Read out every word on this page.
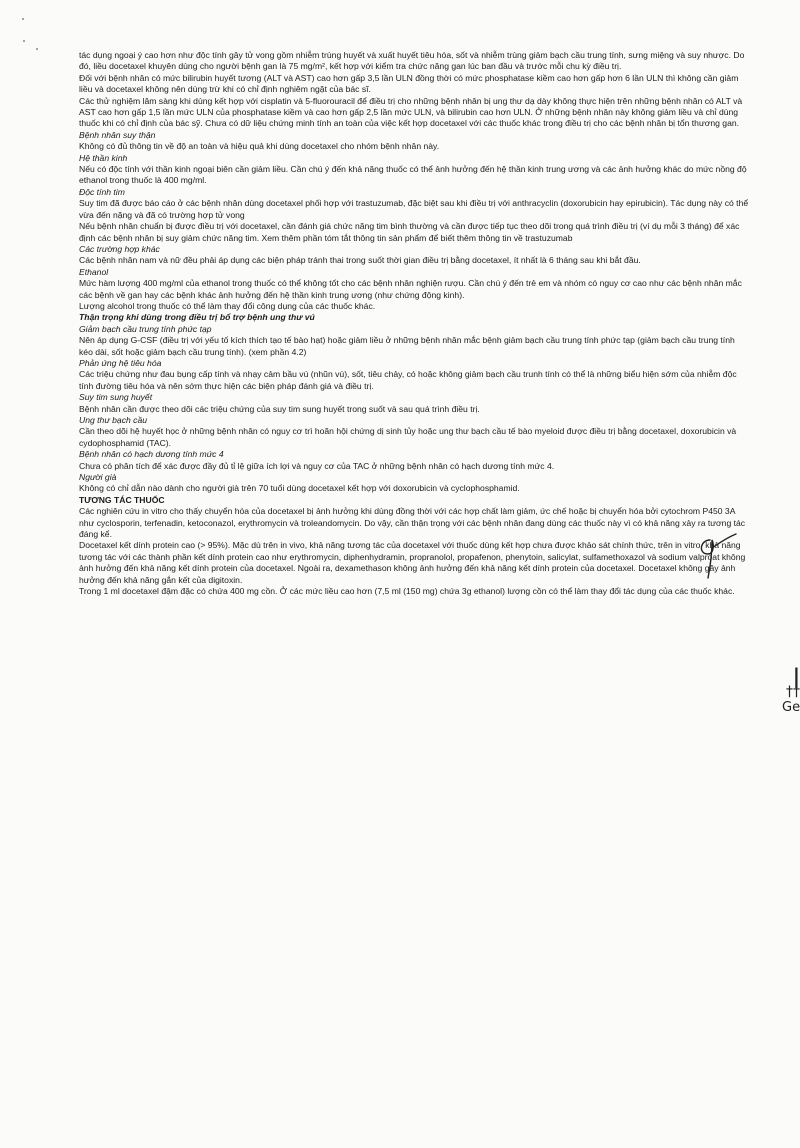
tác dụng ngoại ý cao hơn như độc tính gây tử vong gồm nhiễm trùng huyết và xuất huyết tiêu hóa, sốt và nhiễm trùng giảm bạch cầu trung tính, sưng miệng và suy nhược. Do đó, liều docetaxel khuyên dùng cho người bệnh gan là 75 mg/m², kết hợp với kiểm tra chức năng gan lúc ban đầu và trước mỗi chu kỳ điều trị.

Đối với bệnh nhân có mức bilirubin huyết tương (ALT và AST) cao hơn gấp 3,5 lần ULN đồng thời có mức phosphatase kiềm cao hơn gấp hơn 6 lần ULN thì không cần giảm liều và docetaxel không nên dùng trừ khi có chỉ định nghiêm ngặt của bác sĩ.

Các thử nghiệm lâm sàng khi dùng kết hợp với cisplatin và 5-fluorouracil để điều trị cho những bệnh nhân bị ung thư dạ dày không thực hiện trên những bệnh nhân có ALT và AST cao hơn gấp 1,5 lần mức ULN của phosphatase kiềm và cao hơn gấp 2,5 lần mức ULN, và bilirubin cao hơn ULN. Ở những bệnh nhân này không giảm liều và chỉ dùng thuốc khi có chỉ định của bác sỹ. Chưa có dữ liệu chứng minh tính an toàn của việc kết hợp docetaxel với các thuốc khác trong điều trị cho các bệnh nhân bị tổn thương gan.

Bệnh nhân suy thận

Không có đủ thông tin về độ an toàn và hiệu quả khi dùng docetaxel cho nhóm bệnh nhân này.

Hệ thần kinh

Nếu có độc tính với thần kinh ngoại biên cần giảm liều. Cần chú ý đến khả năng thuốc có thể ảnh hưởng đến hệ thần kinh trung ương và các ảnh hưởng khác do mức nồng độ ethanol trong thuốc là 400 mg/ml.

Độc tính tim

Suy tim đã được báo cáo ở các bệnh nhân dùng docetaxel phối hợp với trastuzumab, đặc biệt sau khi điều trị với anthracyclin (doxorubicin hay epirubicin). Tác dụng này có thể vừa đến nặng và đã có trường hợp tử vong

Nếu bệnh nhân chuẩn bị được điều trị với docetaxel, cần đánh giá chức năng tim bình thường và cần được tiếp tục theo dõi trong quá trình điều trị (ví dụ mỗi 3 tháng) để xác định các bệnh nhân bị suy giảm chức năng tim. Xem thêm phần tóm tắt thông tin sản phẩm để biết thêm thông tin về trastuzumab

Các trường hợp khác

Các bệnh nhân nam và nữ đều phải áp dụng các biện pháp tránh thai trong suốt thời gian điều trị bằng docetaxel, ít nhất là 6 tháng sau khi bắt đầu.

Ethanol

Mức hàm lượng 400 mg/ml của ethanol trong thuốc có thể không tốt cho các bệnh nhân nghiện rượu. Cần chú ý đến trẻ em và nhóm có nguy cơ cao như các bệnh nhân mắc các bệnh về gan hay các bệnh khác ảnh hưởng đến hệ thần kinh trung ương (như chứng động kinh).

Lượng alcohol trong thuốc có thể làm thay đổi công dụng của các thuốc khác.

Thận trọng khi dùng trong điều trị bổ trợ bệnh ung thư vú

Giảm bạch cầu trung tính phức tạp

Nên áp dụng G-CSF (điều trị với yếu tố kích thích tạo tế bào hạt) hoặc giảm liều ở những bệnh nhân mắc bệnh giảm bạch cầu trung tính phức tạp (giảm bạch cầu trung tính kéo dài, sốt hoặc giảm bạch cầu trung tính). (xem phần 4.2)

Phản ứng hệ tiêu hóa

Các triệu chứng như đau bụng cấp tính và nhạy cảm bầu vú (nhũn vú), sốt, tiêu chảy, có hoặc không giảm bạch cầu trunh tính có thể là những biểu hiện sớm của nhiễm độc tính đường tiêu hóa và nên sớm thực hiện các biện pháp đánh giá và điều trị.

Suy tim sung huyết

Bệnh nhân cần được theo dõi các triệu chứng của suy tim sung huyết trong suốt và sau quá trình điều trị.

Ung thư bạch cầu

Cần theo dõi hệ huyết học ở những bệnh nhân có nguy cơ trì hoãn hội chứng dị sinh tủy hoặc ung thư bạch cầu tế bào myeloid được điều trị bằng docetaxel, doxorubicin và cydophosphamid (TAC).

Bệnh nhân có hạch dương tính mức 4

Chưa có phân tích để xác được đầy đủ tỉ lệ giữa ích lợi và nguy cơ của TAC ở những bệnh nhân có hạch dương tính mức 4.

Người già

Không có chỉ dẫn nào dành cho người già trên 70 tuổi dùng docetaxel kết hợp với doxorubicin và cyclophosphamid.

TƯƠNG TÁC THUỐC

Các nghiên cứu in vitro cho thấy chuyển hóa của docetaxel bị ảnh hưởng khi dùng đồng thời với các hợp chất làm giảm, ức chế hoặc bị chuyển hóa bởi cytochrom P450 3A như cyclosporin, terfenadin, ketoconazol, erythromycin và troleandomycin. Do vậy, cần thận trọng với các bệnh nhân đang dùng các thuốc này vì có khả năng xảy ra tương tác đáng kể.

Docetaxel kết dính protein cao (> 95%). Mặc dù trên in vivo, khả năng tương tác của docetaxel với thuốc dùng kết hợp chưa được khảo sát chính thức, trên in vitro, khả năng tương tác với các thành phần kết dính protein cao như erythromycin, diphenhydramin, propranolol, propafenon, phenytoin, salicylat, sulfamethoxazol và sodium valproat không ảnh hưởng đến khả năng kết dính protein của docetaxel. Ngoài ra, dexamethason không ảnh hưởng đến khả năng kết dính protein của docetaxel. Docetaxel không gây ảnh hưởng đến khả năng gắn kết của digitoxin.

Trong 1 ml docetaxel đậm đặc có chứa 400 mg cồn. Ở các mức liều cao hơn (7,5 ml (150 mg) chứa 3g ethanol) lượng cồn có thể làm thay đổi tác dụng của các thuốc khác.

|
††
Ge
